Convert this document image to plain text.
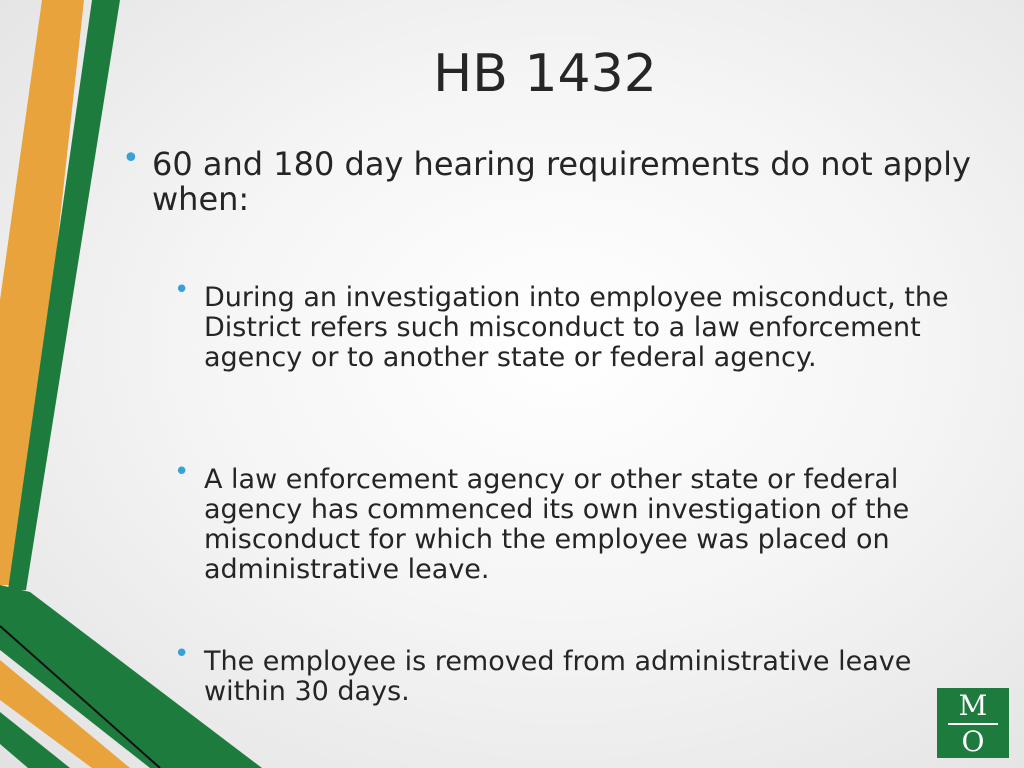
HB 1432
• 60 and 180 day hearing requirements do not apply when:
• During an investigation into employee misconduct, the District refers such misconduct to a law enforcement agency or to another state or federal agency.
• A law enforcement agency or other state or federal agency has commenced its own investigation of the misconduct for which the employee was placed on administrative leave.
• The employee is removed from administrative leave within 30 days.	M
O
